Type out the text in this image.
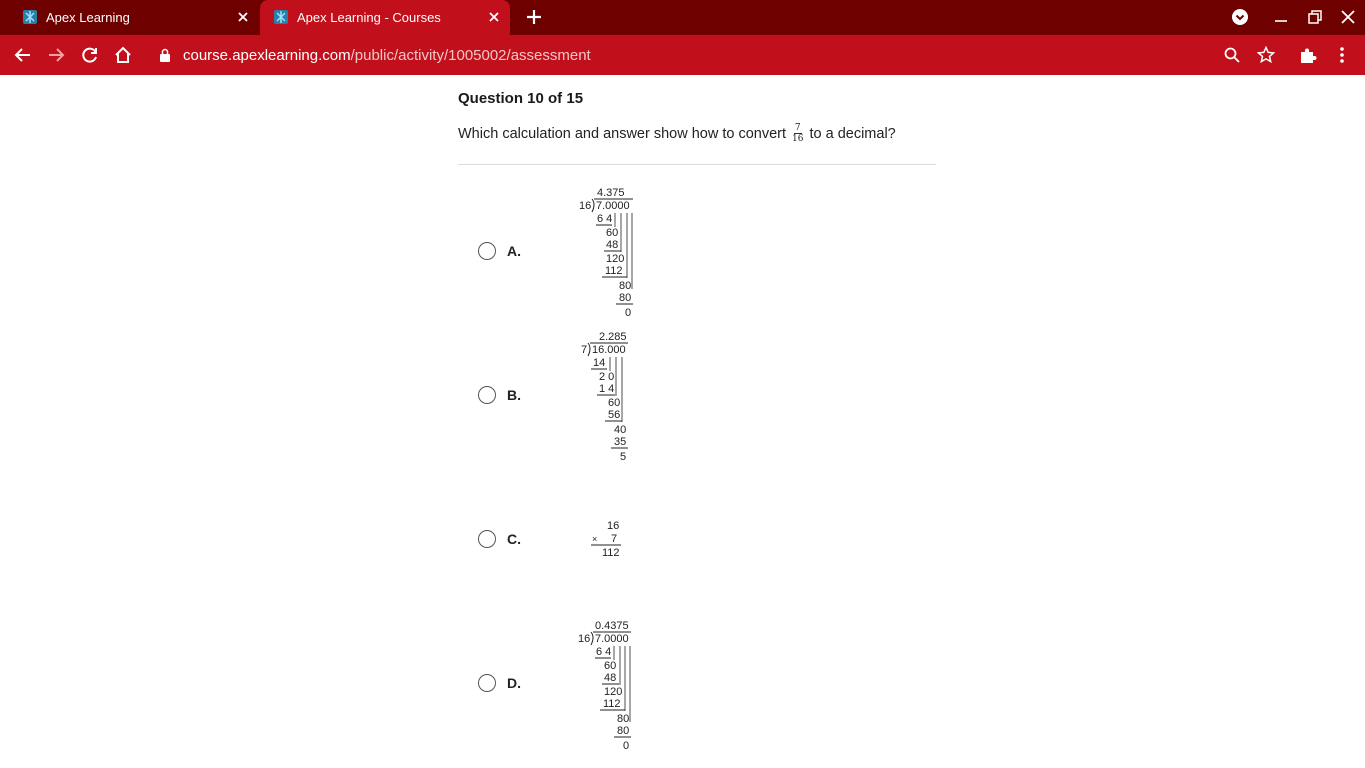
Apex Learning	Apex Learning - Courses
course.apexlearning.com/public/activity/1005002/assessment
Question 10 of 15
Which calculation and answer show how to convert $\frac{7}{16}$ to a decimal?
A.
4.375
16 7.0000
6 4
60
48
120
112
80
80
0
B.
2.285
7 16.000
14
2 0
1 4
60
56
40
35
5
C.
16
× 7
112
D.
0.4375
16 7.0000
6 4
60
48
120
112
80
80
0
